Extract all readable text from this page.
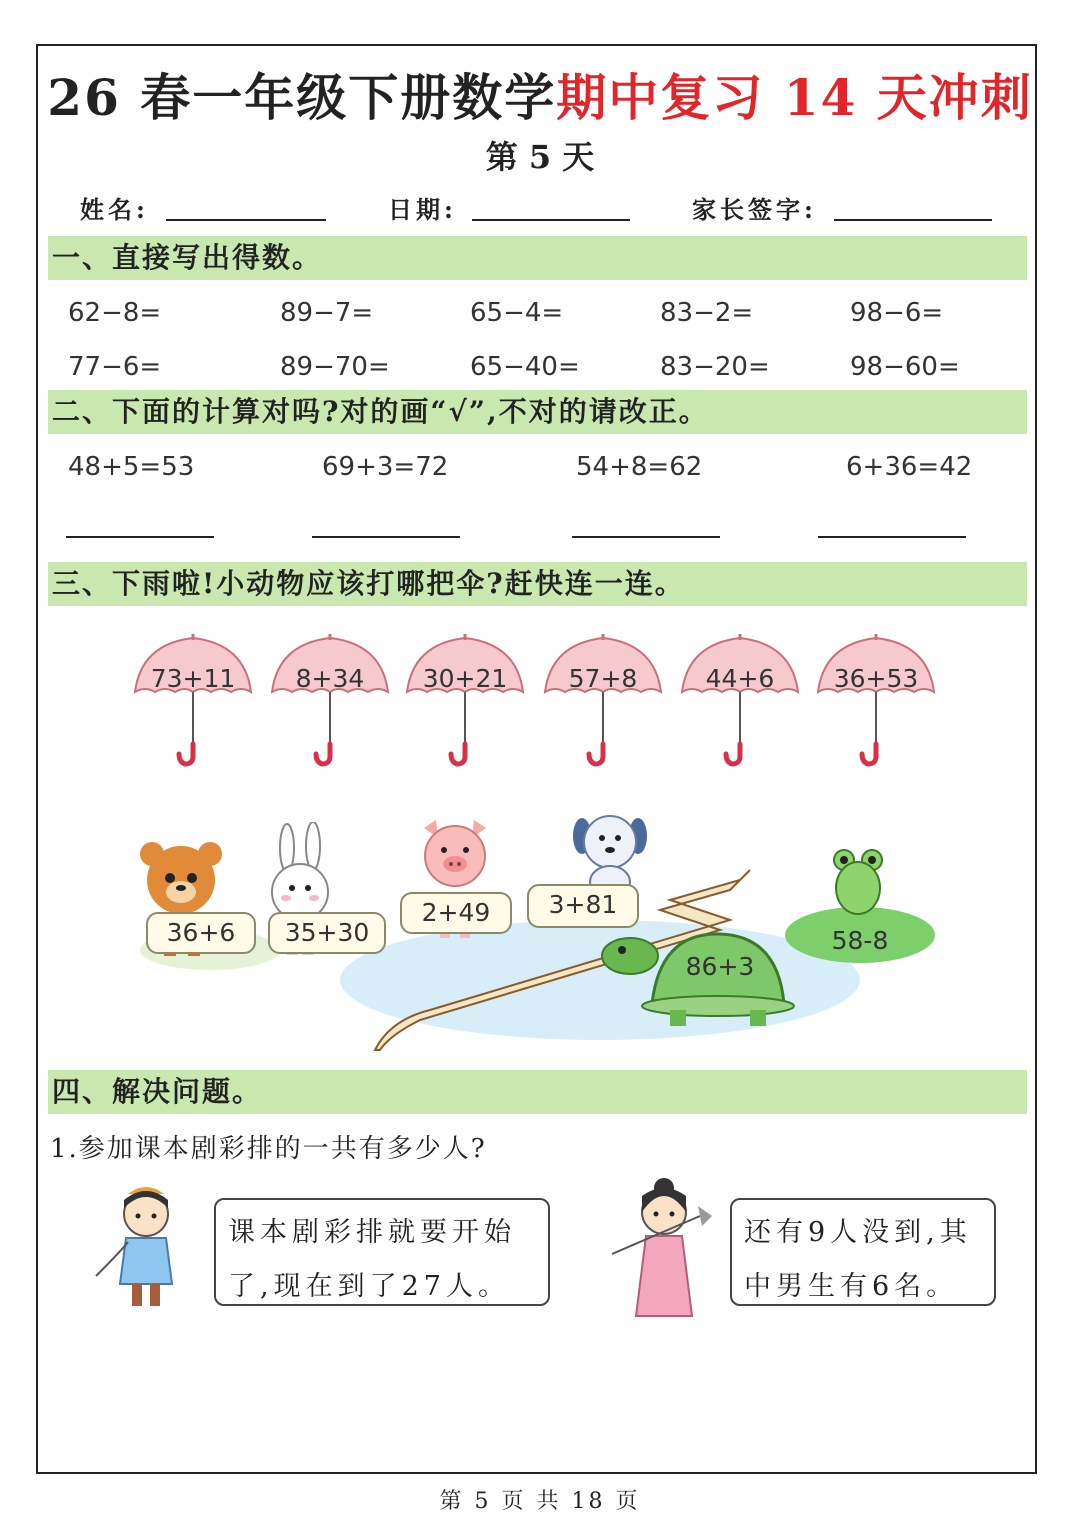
26 春一年级下册数学期中复习 14 天冲刺
第 5 天
姓名:	日期:	家长签字:
一、直接写出得数。
62−8=	89−7=	65−4=	83−2=	98−6=
77−6=	89−70=	65−40=	83−20=	98−60=
二、下面的计算对吗?对的画“√”,不对的请改正。
48+5=53	69+3=72	54+8=62	6+36=42
三、下雨啦!小动物应该打哪把伞?赶快连一连。
73+11	8+34	30+21	57+8	44+6	36+53
36+6	35+30
2+49	3+81
86+3
58-8
四、解决问题。
1.参加课本剧彩排的一共有多少人?
课本剧彩排就要开始
了,现在到了27人。
还有9人没到,其
中男生有6名。
第 5 页 共 18 页
